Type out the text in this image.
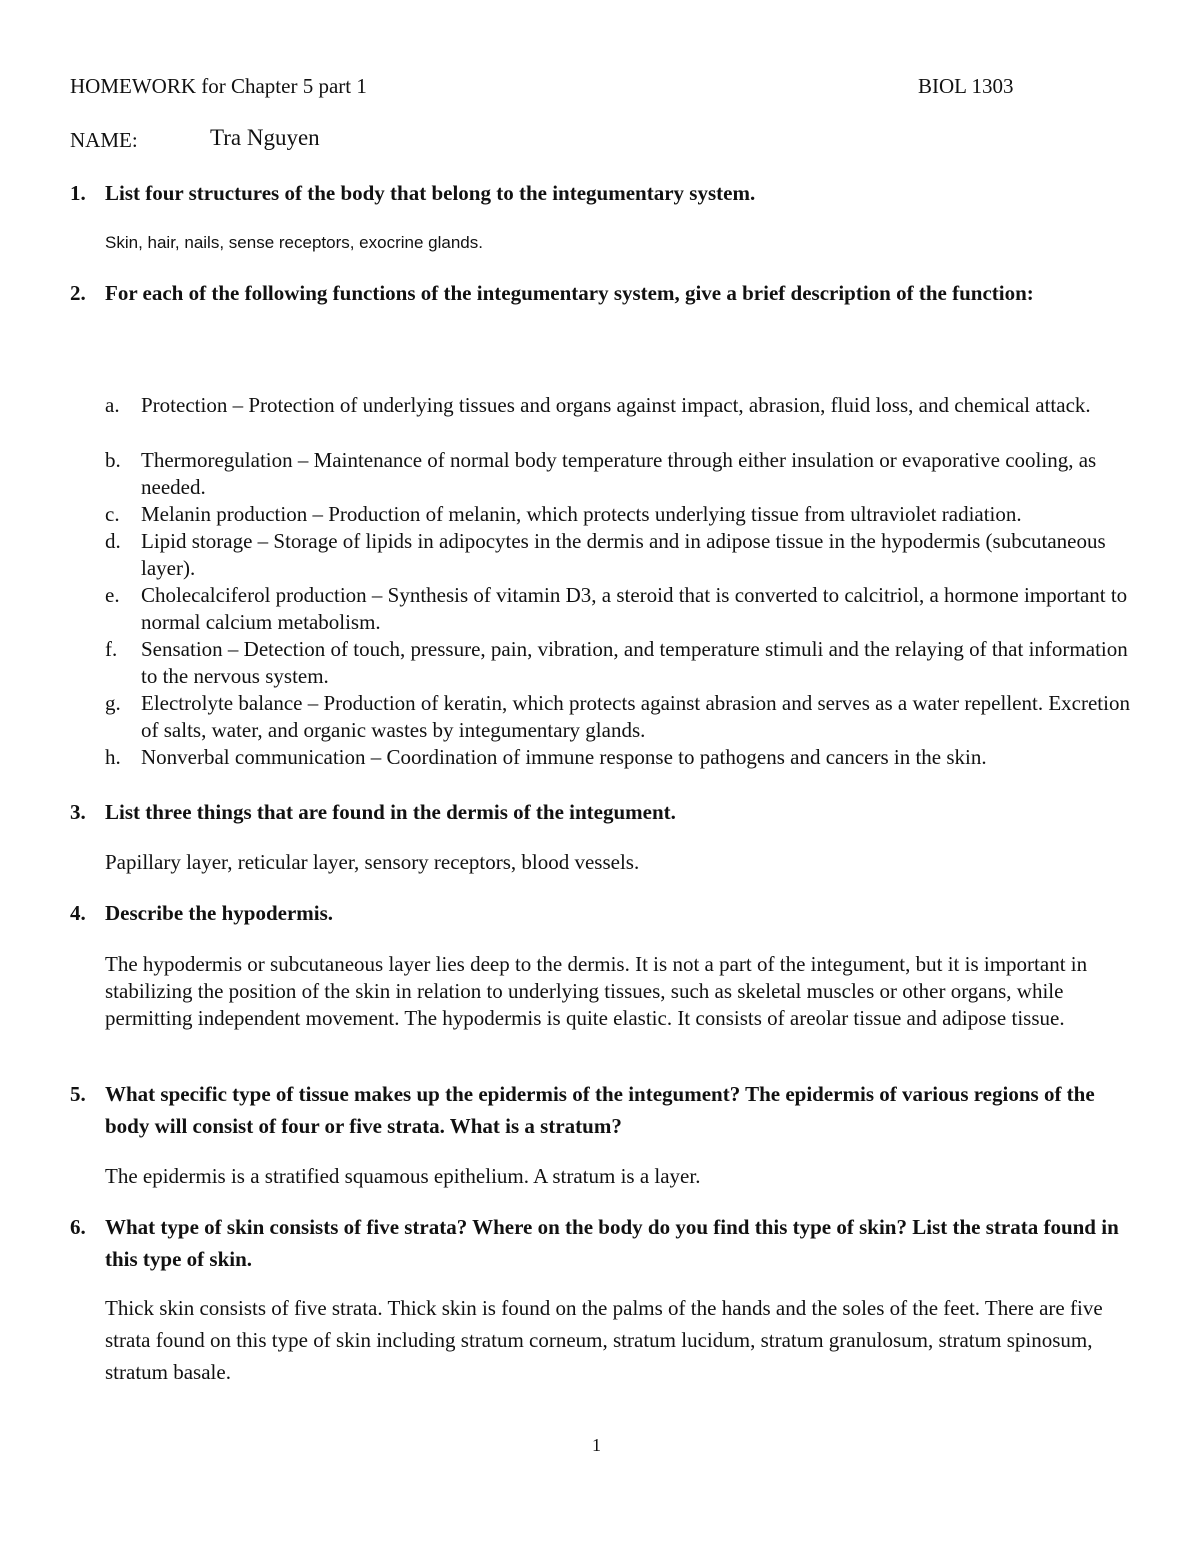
HOMEWORK for Chapter 5 part 1	BIOL 1303
NAME:	Tra Nguyen
1. List four structures of the body that belong to the integumentary system.
Skin, hair, nails, sense receptors, exocrine glands.
2. For each of the following functions of the integumentary system, give a brief description of the function:
a. Protection – Protection of underlying tissues and organs against impact, abrasion, fluid loss, and chemical attack.
b. Thermoregulation – Maintenance of normal body temperature through either insulation or evaporative cooling, as needed.
c. Melanin production – Production of melanin, which protects underlying tissue from ultraviolet radiation.
d. Lipid storage – Storage of lipids in adipocytes in the dermis and in adipose tissue in the hypodermis (subcutaneous layer).
e. Cholecalciferol production – Synthesis of vitamin D3, a steroid that is converted to calcitriol, a hormone important to normal calcium metabolism.
f. Sensation – Detection of touch, pressure, pain, vibration, and temperature stimuli and the relaying of that information to the nervous system.
g. Electrolyte balance – Production of keratin, which protects against abrasion and serves as a water repellent. Excretion of salts, water, and organic wastes by integumentary glands.
h. Nonverbal communication – Coordination of immune response to pathogens and cancers in the skin.
3. List three things that are found in the dermis of the integument.
Papillary layer, reticular layer, sensory receptors, blood vessels.
4. Describe the hypodermis.
The hypodermis or subcutaneous layer lies deep to the dermis. It is not a part of the integument, but it is important in stabilizing the position of the skin in relation to underlying tissues, such as skeletal muscles or other organs, while permitting independent movement. The hypodermis is quite elastic. It consists of areolar tissue and adipose tissue.
5. What specific type of tissue makes up the epidermis of the integument? The epidermis of various regions of the body will consist of four or five strata. What is a stratum?
The epidermis is a stratified squamous epithelium. A stratum is a layer.
6. What type of skin consists of five strata? Where on the body do you find this type of skin? List the strata found in this type of skin.
Thick skin consists of five strata. Thick skin is found on the palms of the hands and the soles of the feet. There are five strata found on this type of skin including stratum corneum, stratum lucidum, stratum granulosum, stratum spinosum, stratum basale.
1
